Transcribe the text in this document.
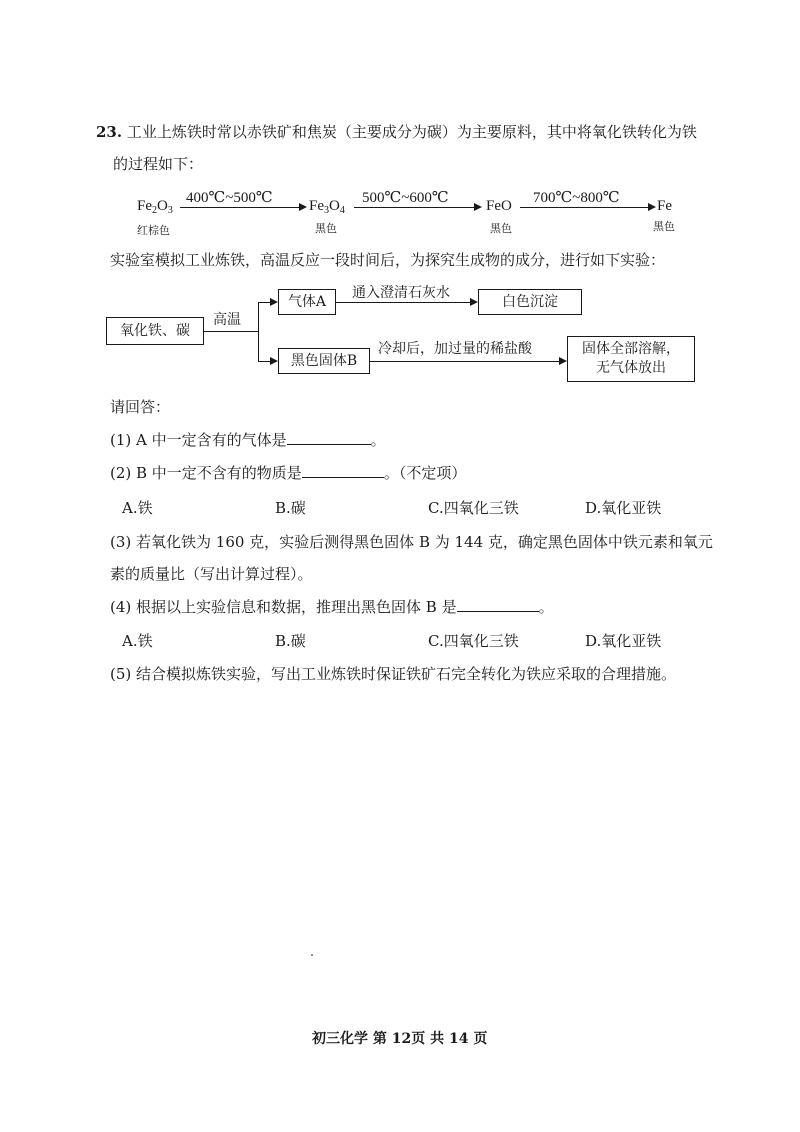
23. 工业上炼铁时常以赤铁矿和焦炭（主要成分为碳）为主要原料，其中将氧化铁转化为铁
的过程如下：
$Fe_2O_3$
红棕色
400℃~500℃ $Fe_3O_4$
黑色
500℃~600℃ FeO
黑色
700℃~800℃ Fe
黑色
实验室模拟工业炼铁，高温反应一段时间后，为探究生成物的成分，进行如下实验：
氧化铁、碳
高温
气体A
通入澄清石灰水
白色沉淀
黑色固体B
冷却后，加过量的稀盐酸	固体全部溶解，
无气体放出
请回答：
(1) A 中一定含有的气体是	。
(2) B 中一定不含有的物质是	。（不定项）
A.铁	B.碳	C.四氧化三铁	D.氧化亚铁
(3) 若氧化铁为 160 克，实验后测得黑色固体 B 为 144 克，确定黑色固体中铁元素和氧元
素的质量比（写出计算过程）。
(4) 根据以上实验信息和数据，推理出黑色固体 B 是	。
A.铁	B.碳	C.四氧化三铁	D.氧化亚铁
(5) 结合模拟炼铁实验，写出工业炼铁时保证铁矿石完全转化为铁应采取的合理措施。
初三化学 第 12页 共 14 页
